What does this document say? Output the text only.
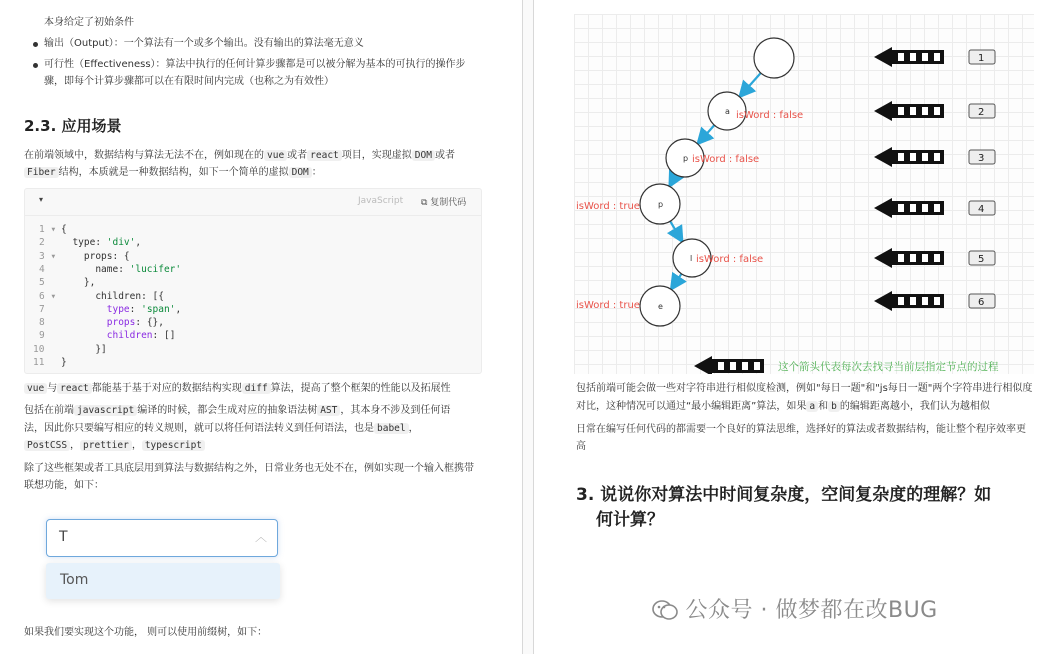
本身给定了初始条件
输出（Output）：一个算法有一个或多个输出。没有输出的算法毫无意义
可行性（Effectiveness）：算法中执行的任何计算步骤都是可以被分解为基本的可执行的操作步
骤，即每个计算步骤都可以在有限时间内完成（也称之为有效性）
2.3. 应用场景
在前端领域中，数据结构与算法无法不在，例如现在的 vue 或者 react 项目，实现虚拟 DOM 或者
Fiber 结构，本质就是一种数据结构，如下一个简单的虚拟 DOM ：
▾	JavaScript ⧉ 复制代码
1 ▾ {
2 type: 'div',
3 ▾ props: {
4 name: 'lucifer'
5 },
6 ▾ children: [{
7	type: 'span',
8	props: {},
9	children: []
10 }]
11 }
vue 与 react 都能基于基于对应的数据结构实现 diff 算法，提高了整个框架的性能以及拓展性
包括在前端 javascript 编译的时候，都会生成对应的抽象语法树 AST ，其本身不涉及到任何语
法，因此你只要编写相应的转义规则，就可以将任何语法转义到任何语法，也是 babel ，
PostCSS ， prettier ， typescript
除了这些框架或者工具底层用到算法与数据结构之外，日常业务也无处不在，例如实现一个输入框携带
联想功能，如下：
T	︿
Tom
如果我们要实现这个功能， 则可以使用前缀树，如下：
a
p
p
l
e
isWord : false
isWord : false
isWord : true
isWord : false
isWord : true
1
2
3
4
5
6
这个箭头代表每次去找寻当前层指定节点的过程
包括前端可能会做一些对字符串进行相似度检测，例如"每日一题"和"js每日一题"两个字符串进行相似度
对比，这种情况可以通过“最小编辑距离”算法，如果 a 和 b 的编辑距离越小，我们认为越相似
日常在编写任何代码的都需要一个良好的算法思维，选择好的算法或者数据结构，能让整个程序效率更
高
3. 说说你对算法中时间复杂度，空间复杂度的理解？如
何计算？
公众号 · 做梦都在改BUG
